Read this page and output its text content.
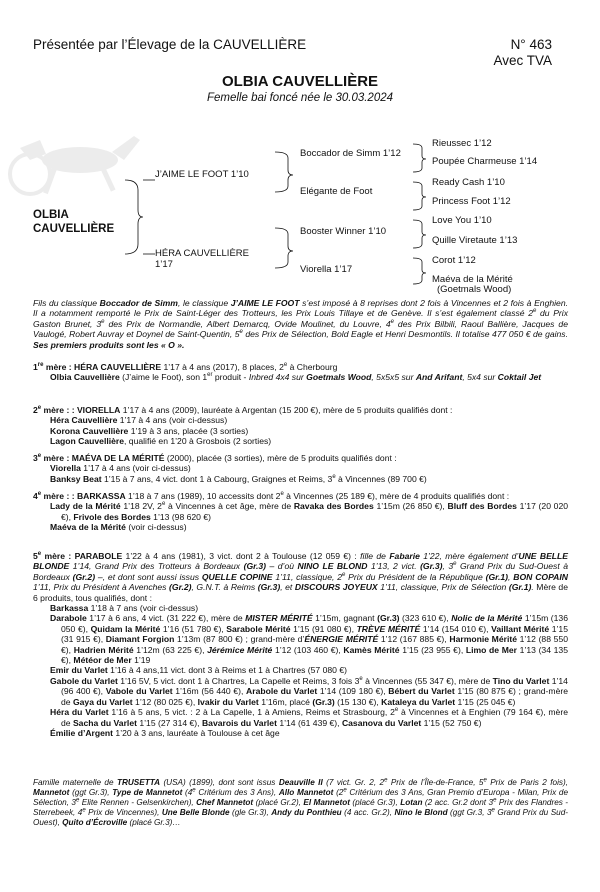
Présentée par l’Élevage de la CAUVELLIÈRE	N° 463
Avec TVA
OLBIA CAUVELLIÈRE
Femelle bai foncé née le 30.03.2024
OLBIA
CAUVELLIÈRE
J’AIME LE FOOT 1’10
HÉRA CAUVELLIÈRE
1’17
Boccador de Simm 1’12
Elégante de Foot
Booster Winner 1’10
Viorella 1’17
Rieussec 1’12
Poupée Charmeuse 1’14
Ready Cash 1’10
Princess Foot 1’12
Love You 1’10
Quille Viretaute 1’13
Corot 1’12
Maéva de la Mérité
(Goetmals Wood)
Fils du classique Boccador de Simm, le classique J’AIME LE FOOT s’est imposé à 8 reprises dont 2 fois à Vincennes et 2 fois à Enghien. Il a notamment remporté le Prix de Saint-Léger des Trotteurs, les Prix Louis Tillaye et de Genève. Il s’est également classé 2e du Prix Gaston Brunet, 3e des Prix de Normandie, Albert Demarcq, Ovide Moulinet, du Louvre, 4e des Prix Bilbili, Raoul Ballière, Jacques de Vaulogé, Robert Auvray et Doynel de Saint-Quentin, 5e des Prix de Sélection, Bold Eagle et Henri Desmontils. Il totalise 477 050 € de gains. Ses premiers produits sont les « O ».
1re mère : HÉRA CAUVELLIÈRE 1’17 à 4 ans (2017), 8 places, 2e à Cherbourg
Olbia Cauvellière (J’aime le Foot), son 1er produit - Inbred 4x4 sur Goetmals Wood, 5x5x5 sur And Arifant, 5x4 sur Coktail Jet
2e mère : : VIORELLA 1’17 à 4 ans (2009), lauréate à Argentan (15 200 €), mère de 5 produits qualifiés dont :
Héra Cauvellière 1’17 à 4 ans (voir ci-dessus)
Korona Cauvellière 1’19 à 3 ans, placée (3 sorties)
Lagon Cauvellière, qualifié en 1’20 à Grosbois (2 sorties)
3e mère : MAÉVA DE LA MÉRITÉ (2000), placée (3 sorties), mère de 5 produits qualifiés dont :
Viorella 1’17 à 4 ans (voir ci-dessus)
Banksy Beat 1’15 à 7 ans, 4 vict. dont 1 à Cabourg, Graignes et Reims, 3e à Vincennes (89 700 €)
4e mère : : BARKASSA 1’18 à 7 ans (1989), 10 accessits dont 2e à Vincennes (25 189 €), mère de 4 produits qualifiés dont :
Lady de la Mérité 1’18 2V, 2e à Vincennes à cet âge, mère de Ravaka des Bordes 1’15m (26 850 €), Bluff des Bordes 1’17 (20 020 €), Frivole des Bordes 1’13 (98 620 €)
Maéva de la Mérité (voir ci-dessus)
5e mère : PARABOLE 1’22 à 4 ans (1981), 3 vict. dont 2 à Toulouse (12 059 €) : fille de Fabarie 1’22, mère également d’UNE BELLE BLONDE 1’14, Grand Prix des Trotteurs à Bordeaux (Gr.3) – d’où NINO LE BLOND 1’13, 2 vict. (Gr.3), 3e Grand Prix du Sud-Ouest à Bordeaux (Gr.2) –, et dont sont aussi issus QUELLE COPINE 1’11, classique, 2e Prix du Président de la République (Gr.1), BON COPAIN 1’11, Prix du Président à Avenches (Gr.2), G.N.T. à Reims (Gr.3), et DISCOURS JOYEUX 1’11, classique, Prix de Sélection (Gr.1). Mère de 6 produits, tous qualifiés, dont :
Barkassa 1’18 à 7 ans (voir ci-dessus)
Darabole 1’17 à 6 ans, 4 vict. (31 222 €), mère de MISTER MÉRITÉ 1’15m, gagnant (Gr.3) (323 610 €), Nolic de la Mérité 1’15m (136 050 €), Quidam la Mérité 1’16 (51 780 €), Sarabole Mérité 1’15 (91 080 €), TRÈVE MÉRITÉ 1’14 (154 010 €), Vaillant Mérité 1’15 (31 915 €), Diamant Forgion 1’13m (87 800 €) ; grand-mère d’ÉNERGIE MÉRITÉ 1’12 (167 885 €), Harmonie Mérité 1’12 (88 550 €), Hadrien Mérité 1’12m (63 225 €), Jérémice Mérité 1’12 (103 460 €), Kamès Mérité 1’15 (23 955 €), Limo de Mer 1’13 (34 135 €), Météor de Mer 1’19
Emir du Varlet 1’16 à 4 ans,11 vict. dont 3 à Reims et 1 à Chartres (57 080 €)
Gabole du Varlet 1’16 5V, 5 vict. dont 1 à Chartres, La Capelle et Reims, 3 fois 3e à Vincennes (55 347 €), mère de Tino du Varlet 1’14 (96 400 €), Vabole du Varlet 1’16m (56 440 €), Arabole du Varlet 1’14 (109 180 €), Bébert du Varlet 1’15 (80 875 €) ; grand-mère de Gaya du Varlet 1’12 (80 025 €), Ivakir du Varlet 1’16m, placé (Gr.3) (15 130 €), Kataleya du Varlet 1’15 (25 045 €)
Héra du Varlet 1’16 à 5 ans, 5 vict. : 2 à La Capelle, 1 à Amiens, Reims et Strasbourg, 2e à Vincennes et à Enghien (79 164 €), mère de Sacha du Varlet 1’15 (27 314 €), Bavarois du Varlet 1’14 (61 439 €), Casanova du Varlet 1’15 (52 750 €)
Émilie d’Argent 1’20 à 3 ans, lauréate à Toulouse à cet âge
Famille maternelle de TRUSETTA (USA) (1899), dont sont issus Deauville II (7 vict. Gr. 2, 2e Prix de l’Île-de-France, 5e Prix de Paris 2 fois), Mannetot (ggt Gr.3), Type de Mannetot (4e Critérium des 3 Ans), Allo Mannetot (2e Critérium des 3 Ans, Gran Premio d’Europa - Milan, Prix de Sélection, 3e Elite Rennen - Gelsenkirchen), Chef Mannetot (placé Gr.2), El Mannetot (placé Gr.3), Lotan (2 acc. Gr.2 dont 3e Prix des Flandres - Sterrebeek, 4e Prix de Vincennes), Une Belle Blonde (gle Gr.3), Andy du Ponthieu (4 acc. Gr.2), Nino le Blond (ggt Gr.3, 3e Grand Prix du Sud-Ouest), Quito d’Écroville (placé Gr.3)…
